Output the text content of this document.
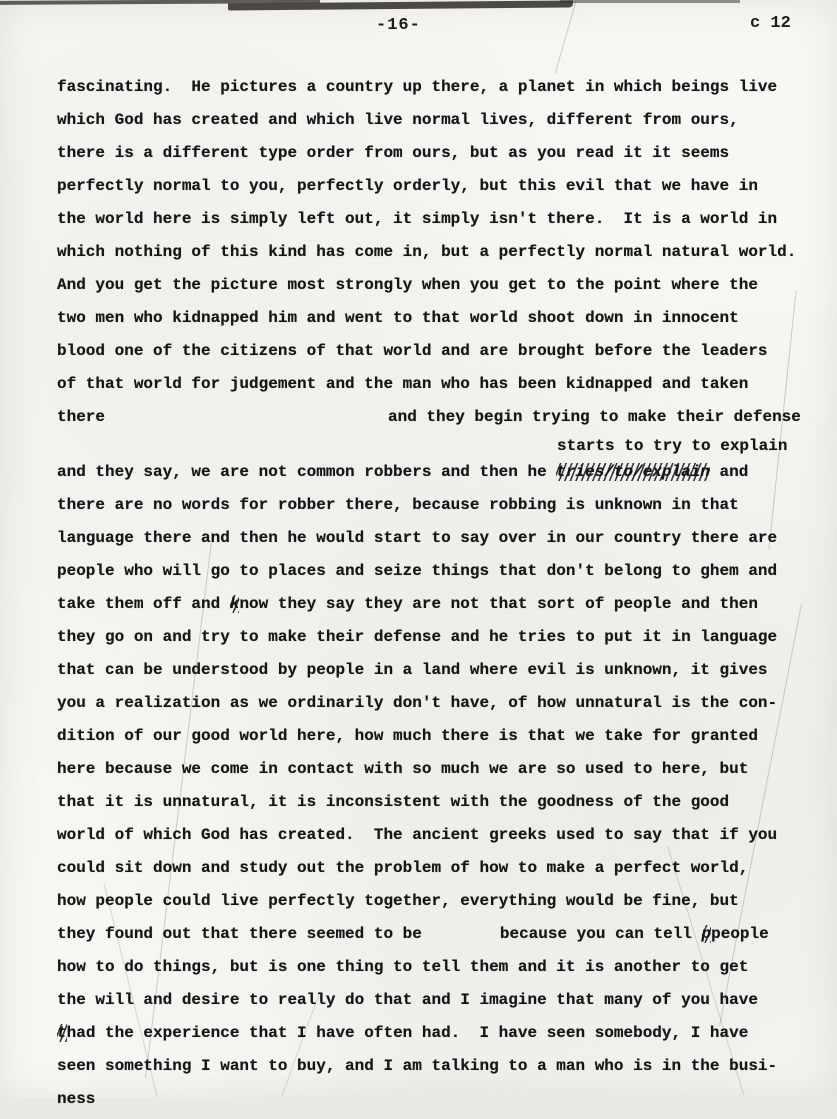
-16-	c 12
fascinating.  He pictures a country up there, a planet in which beings live
which God has created and which live normal lives, different from ours,
there is a different type order from ours, but as you read it it seems
perfectly normal to you, perfectly orderly, but this evil that we have in
the world here is simply left out, it simply isn't there.  It is a world in
which nothing of this kind has come in, but a perfectly normal natural world.
And you get the picture most strongly when you get to the point where the
two men who kidnapped him and went to that world shoot down in innocent
blood one of the citizens of that world and are brought before the leaders
of that world for judgement and the man who has been kidnapped and taken
there	and they begin trying to make their defense
starts to try to explain
and they say, we are not common robbers and then he tries/to/explain and
there are no words for robber there, because robbing is unknown in that
language there and then he would start to say over in our country there are
people who will go to places and seize things that don't belong to ghem and
take them off and know they say they are not that sort of people and then
they go on and try to make their defense and he tries to put it in language
that can be understood by people in a land where evil is unknown, it gives
you a realization as we ordinarily don't have, of how unnatural is the con-
dition of our good world here, how much there is that we take for granted
here because we come in contact with so much we are so used to here, but
that it is unnatural, it is inconsistent with the goodness of the good
world of which God has created.  The ancient greeks used to say that if you
could sit down and study out the problem of how to make a perfect world,
how people could live perfectly together, everything would be fine, but
they found out that there seemed to be	because you can tell ppeople
how to do things, but is one thing to tell them and it is another to get
the will and desire to really do that and I imagine that many of you have
thad the experience that I have often had.  I have seen somebody, I have
seen something I want to buy, and I am talking to a man who is in the busi-
ness
